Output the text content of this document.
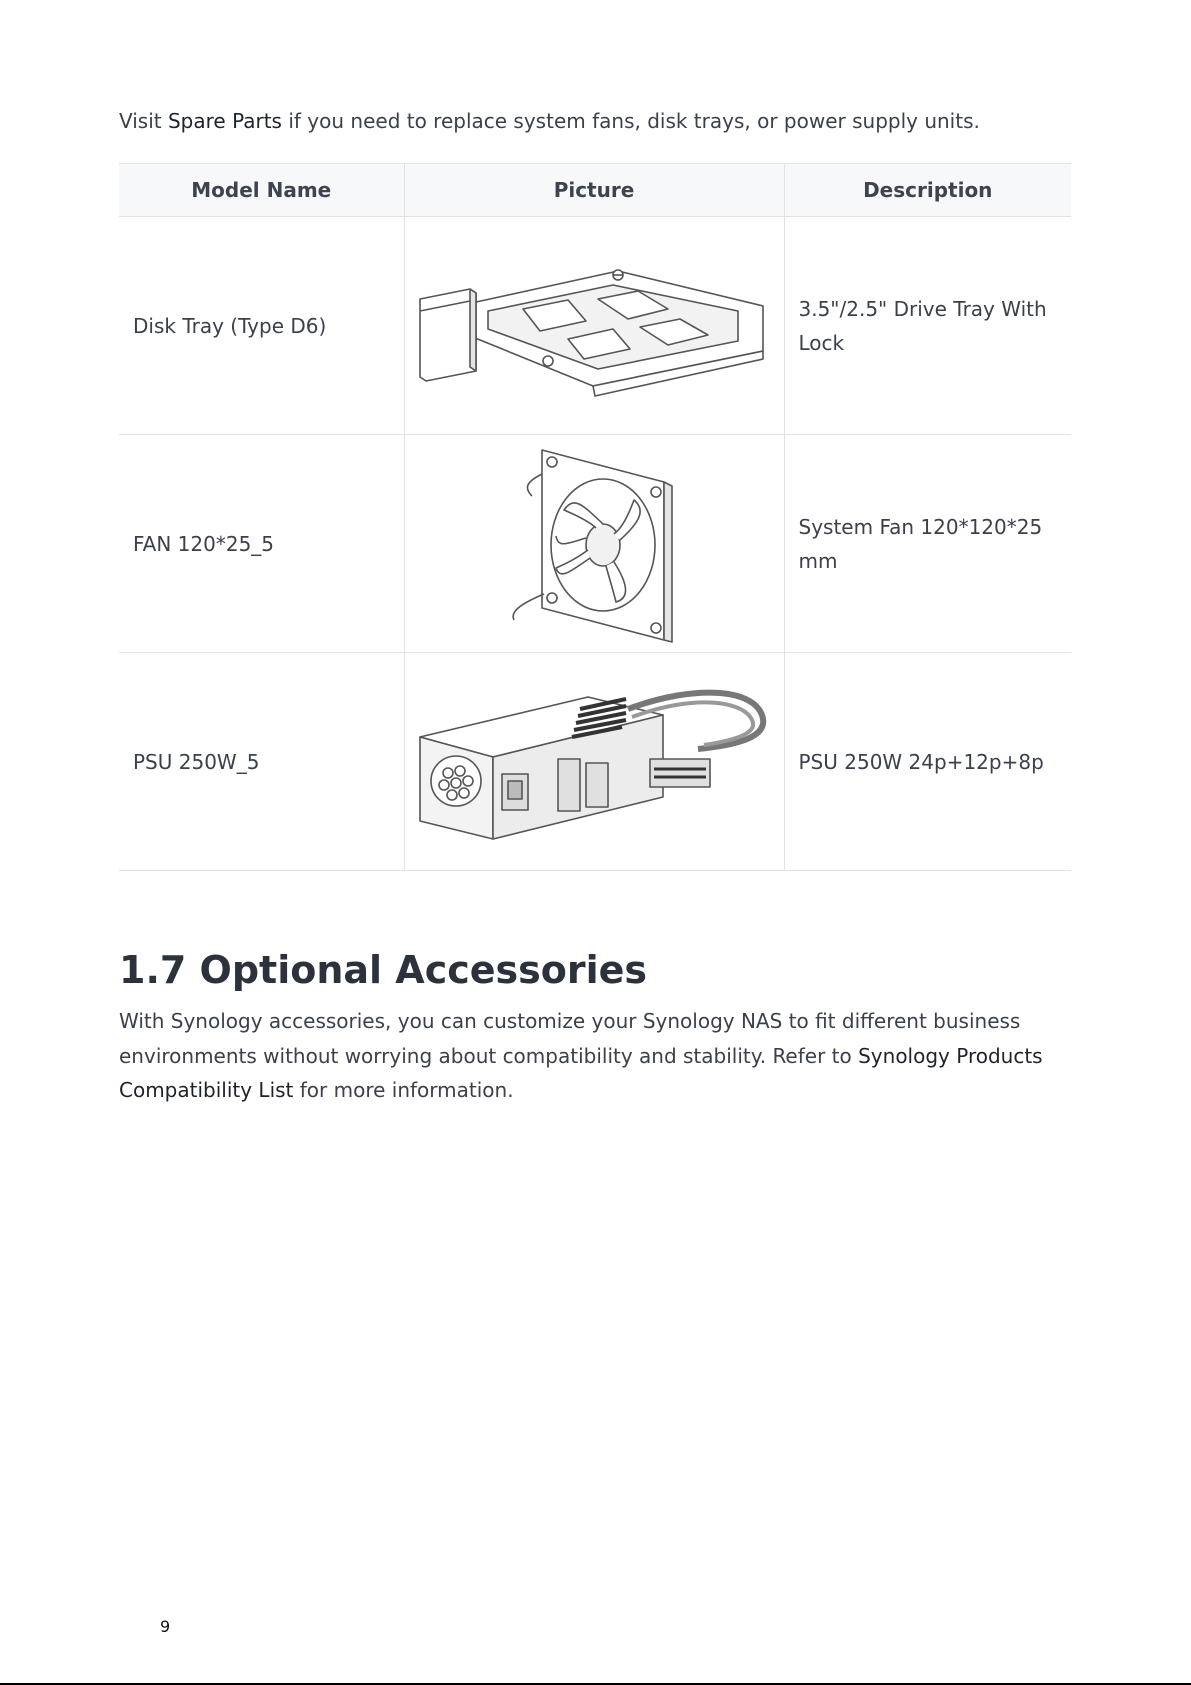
Visit Spare Parts if you need to replace system fans, disk trays, or power supply units.

Model Name	Picture	Description
Disk Tray (Type D6)		3.5"/2.5" Drive Tray With Lock
FAN 120*25_5		System Fan 120*120*25 mm
PSU 250W_5		PSU 250W 24p+12p+8p
1.7 Optional Accessories

With Synology accessories, you can customize your Synology NAS to fit different business environments without worrying about compatibility and stability. Refer to Synology Products Compatibility List for more information.

9
